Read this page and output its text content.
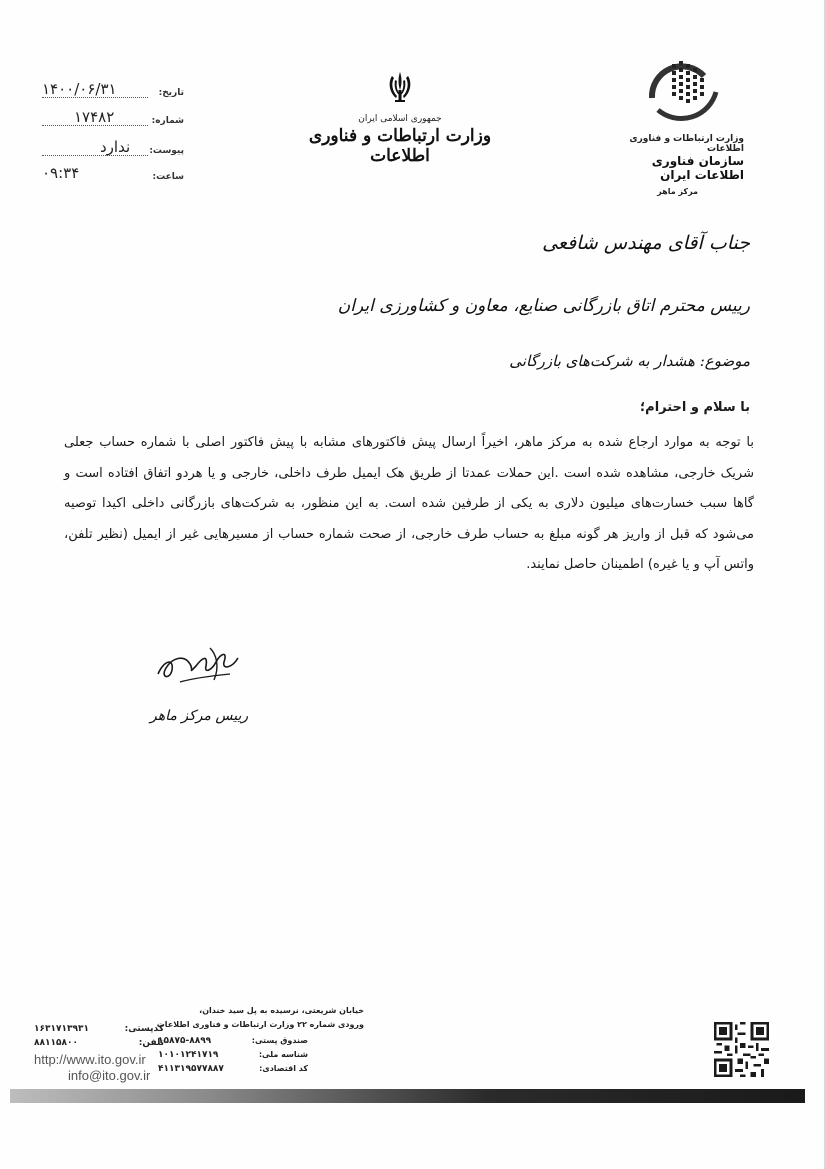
۱۴۰۰/۰۶/۳۱	تاریخ:
۱۷۴۸۲	شماره:
ندارد پیوست:
۰۹:۳۴	ساعت:
جمهوری اسلامی ایران
وزارت ارتباطات و فناوری اطلاعات
وزارت ارتباطات و فناوری اطلاعات
سازمان فناوری اطلاعات ایران
مرکز ماهر
جناب آقای مهندس شافعی
رییس محترم اتاق بازرگانی صنایع، معاون و کشاورزی ایران
موضوع: هشدار به شرکت‌های بازرگانی
با سلام و احترام؛
با توجه به موارد ارجاع شده به مرکز ماهر، اخیراً ارسال پیش فاکتورهای مشابه با پیش فاکتور اصلی با شماره حساب جعلی شریک خارجی، مشاهده شده است .این حملات عمدتا از طریق هک ایمیل طرف داخلی، خارجی و یا هردو اتفاق افتاده است و گاها سبب خسارت‌های میلیون دلاری به یکی از طرفین شده است. به این منظور، به شرکت‌های بازرگانی داخلی اکیدا توصیه می‌شود که قبل از واریز هر گونه مبلغ به حساب طرف خارجی، از صحت شماره حساب از مسیرهایی غیر از ایمیل (نظیر تلفن، واتس آپ و یا غیره) اطمینان حاصل نمایند.
رییس مرکز ماهر
خیابان شریعتی، نرسیده به پل سید خندان،
ورودی شماره ۲۲ وزارت ارتباطات و فناوری اطلاعات
۱۵۸۷۵-۸۸۹۹	صندوق پستی:
۱۰۱۰۱۲۴۱۷۱۹	شناسه ملی:
۴۱۱۳۱۹۵۷۷۸۸۷	کد اقتصادی:
۱۶۳۱۷۱۳۹۳۱	کدپستی:
۸۸۱۱۵۸۰۰	تلفن:
http://www.ito.gov.ir
info@ito.gov.ir
